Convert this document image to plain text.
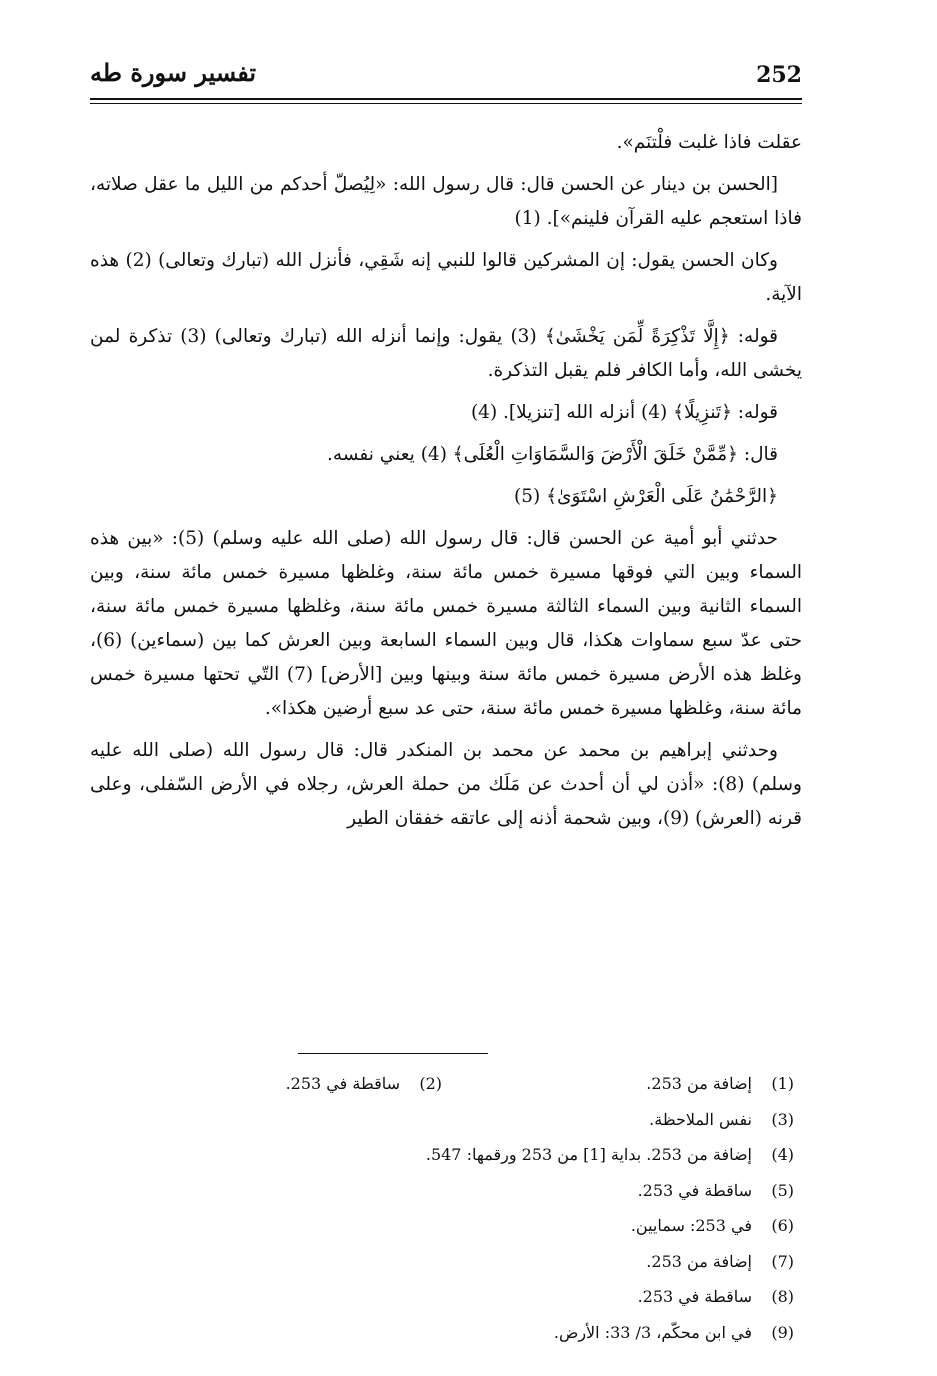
252
تفسير سورة طه

عقلت فاذا غلبت فلْتنَم».

[الحسن بن دينار عن الحسن قال: قال رسول الله: «لِيُصلّ أحدكم من الليل ما عقل صلاته، فاذا استعجم عليه القرآن فلينم»]. (1)

وكان الحسن يقول: إن المشركين قالوا للنبي إنه شَقِي، فأنزل الله (تبارك وتعالى) (2) هذه الآية.

قوله: ﴿إِلَّا تَذْكِرَةً لِّمَن يَخْشَىٰ﴾ (3) يقول: وإنما أنزله الله (تبارك وتعالى) (3) تذكرة لمن يخشى الله، وأما الكافر فلم يقبل التذكرة.

قوله: ﴿تَنزِيلًا﴾ (4) أنزله الله [تنزيلا]. (4)

قال: ﴿مِّمَّنْ خَلَقَ الْأَرْضَ وَالسَّمَاوَاتِ الْعُلَى﴾ (4) يعني نفسه.

﴿الرَّحْمَٰنُ عَلَى الْعَرْشِ اسْتَوَىٰ﴾ (5)

حدثني أبو أمية عن الحسن قال: قال رسول الله (صلى الله عليه وسلم) (5): «بين هذه السماء وبين التي فوقها مسيرة خمس مائة سنة، وغلظها مسيرة خمس مائة سنة، وبين السماء الثانية وبين السماء الثالثة مسيرة خمس مائة سنة، وغلظها مسيرة خمس مائة سنة، حتى عدّ سبع سماوات هكذا، قال وبين السماء السابعة وبين العرش كما بين (سماءين) (6)، وغلظ هذه الأرض مسيرة خمس مائة سنة وبينها وبين [الأرض] (7) التّي تحتها مسيرة خمس مائة سنة، وغلظها مسيرة خمس مائة سنة، حتى عد سبع أرضين هكذا».

وحدثني إبراهيم بن محمد عن محمد بن المنكدر قال: قال رسول الله (صلى الله عليه وسلم) (8): «أذن لي أن أحدث عن مَلَك من حملة العرش، رجلاه في الأرض السّفلى، وعلى قرنه (العرش) (9)، وبين شحمة أذنه إلى عاتقه خفقان الطير

(1)
إضافة من 253.
(2)
ساقطة في 253.
(3)
نفس الملاحظة.
(4)
إضافة من 253. بداية [1] من 253 ورقمها: 547.
(5)
ساقطة في 253.
(6)
في 253: سمايين.
(7)
إضافة من 253.
(8)
ساقطة في 253.
(9)
في ابن محكّم، 3/ 33: الأرض.
